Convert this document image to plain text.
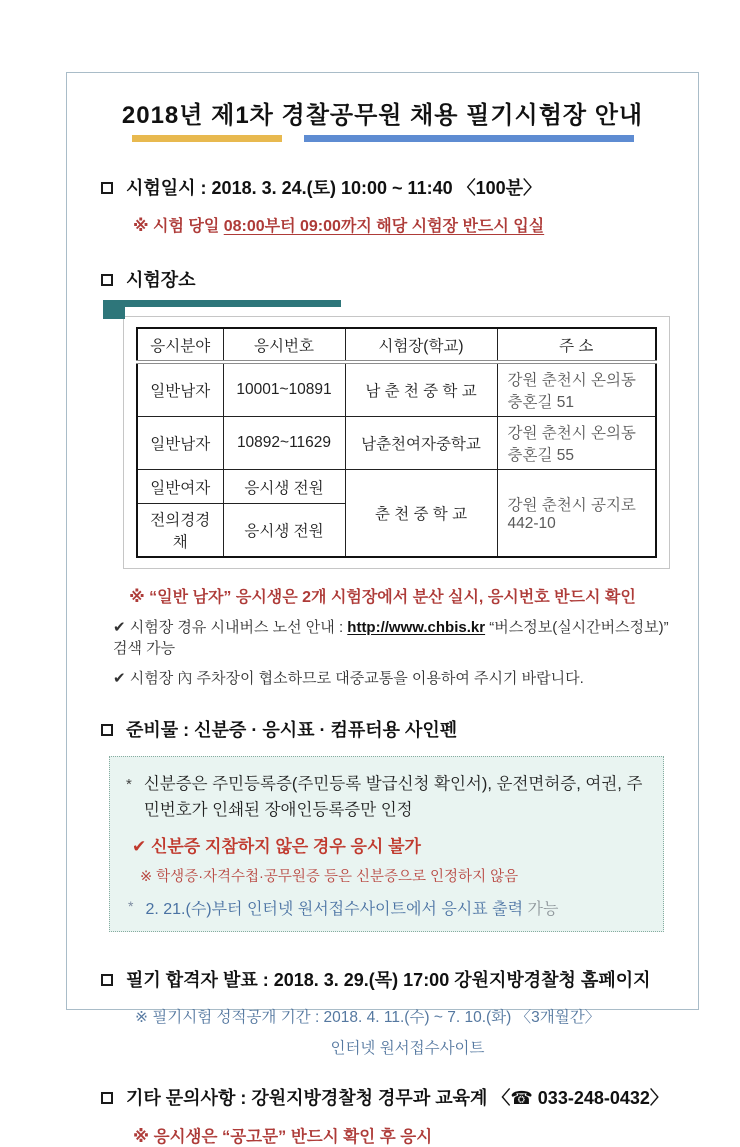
2018년 제1차 경찰공무원 채용 필기시험장 안내
시험일시 : 2018. 3. 24.(토) 10:00 ~ 11:40 〈100분〉
※ 시험 당일 08:00부터 09:00까지 해당 시험장 반드시 입실
시험장소
응시분야	응시번호	시험장(학교)	주 소
일반남자	10001~10891	남 춘 천 중 학 교	강원 춘천시 온의동 충혼길 51
일반남자	10892~11629	남춘천여자중학교	강원 춘천시 온의동 충혼길 55
일반여자	응시생 전원	춘 천 중 학 교	강원 춘천시 공지로 442-10
전의경경채	응시생 전원		
※ “일반 남자” 응시생은 2개 시험장에서 분산 실시, 응시번호 반드시 확인
✔ 시험장 경유 시내버스 노선 안내 : http://www.chbis.kr “버스정보(실시간버스정보)” 검색 가능
✔ 시험장 內 주차장이 협소하므로 대중교통을 이용하여 주시기 바랍니다.
준비물 : 신분증 · 응시표 · 컴퓨터용 사인펜
* 신분증은 주민등록증(주민등록 발급신청 확인서), 운전면허증, 여권, 주민번호가 인쇄된 장애인등록증만 인정
✔ 신분증 지참하지 않은 경우 응시 불가
※ 학생증·자격수첩·공무원증 등은 신분증으로 인정하지 않음
* 2. 21.(수)부터 인터넷 원서접수사이트에서 응시표 출력 가능
필기 합격자 발표 : 2018. 3. 29.(목) 17:00 강원지방경찰청 홈페이지
※ 필기시험 성적공개 기간 : 2018. 4. 11.(수) ~ 7. 10.(화) 〈3개월간〉
인터넷 원서접수사이트
기타 문의사항 : 강원지방경찰청 경무과 교육계 〈☎ 033-248-0432〉
※ 응시생은 “공고문” 반드시 확인 후 응시
